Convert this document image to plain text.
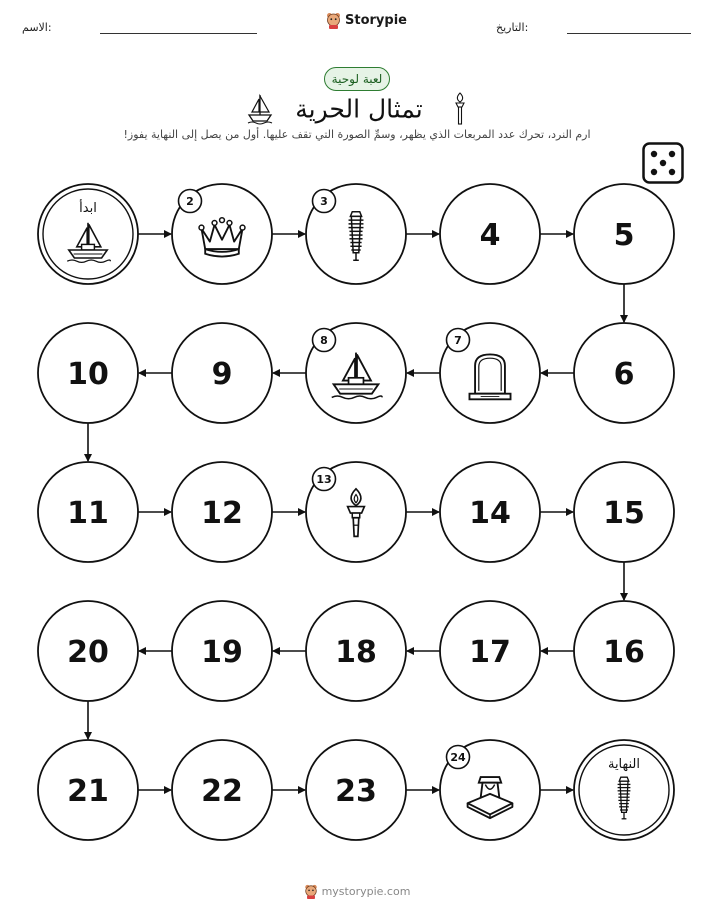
الاسم:	التاريخ:
Storypie
لعبة لوحية
تمثال الحرية
ارم النرد، تحرك عدد المربعات الذي يظهر، وسمِّ الصورة التي تقف عليها. أول من يصل إلى النهاية يفوز!
ابدأ	2	3
4	5
6
7
8
9
10
11	12
13
14	15
16
17
18
19
20
21	22	23
24	النهاية
mystorypie.com
